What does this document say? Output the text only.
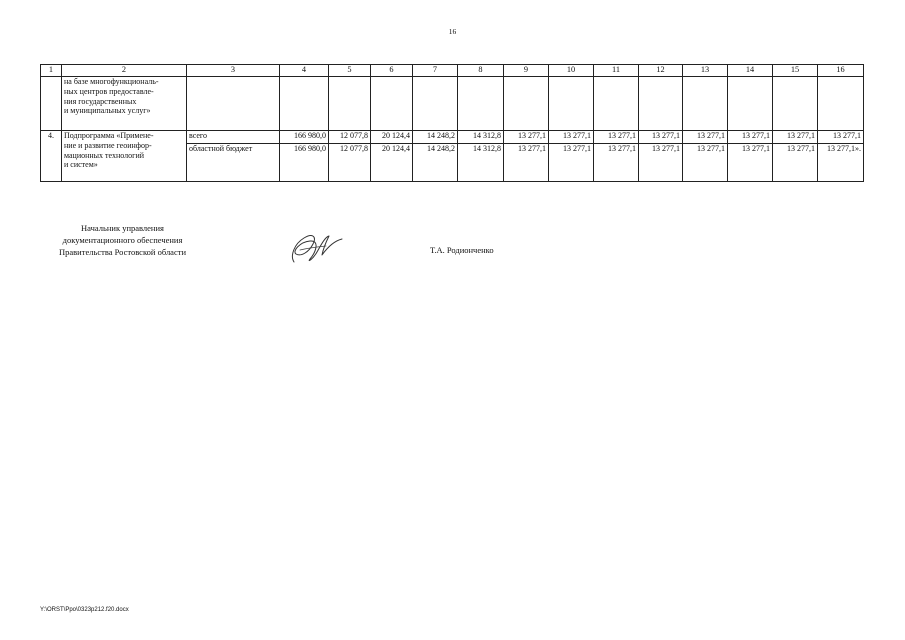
16
1	2	3	4	5	6	7	8	9	10	11	12	13	14	15	16

	на базе многофункциональ-
ных центров предоставле-
ния государственных
и муниципальных услуг»														

4.	Подпрограмма «Примене-
ние и развитие геоинфор-
мационных технологий
и систем»	всего	166 980,0	12 077,8	20 124,4	14 248,2	14 312,8	13 277,1	13 277,1	13 277,1	13 277,1	13 277,1	13 277,1	13 277,1	13 277,1
		областной бюджет	166 980,0	12 077,8	20 124,4	14 248,2	14 312,8	13 277,1	13 277,1	13 277,1	13 277,1	13 277,1	13 277,1	13 277,1	13 277,1».
Начальник управления
документационного обеспечения
Правительства Ростовской области	Т.А. Родионченко
Y:\ORST\Ppo\0323p212.f20.docx
